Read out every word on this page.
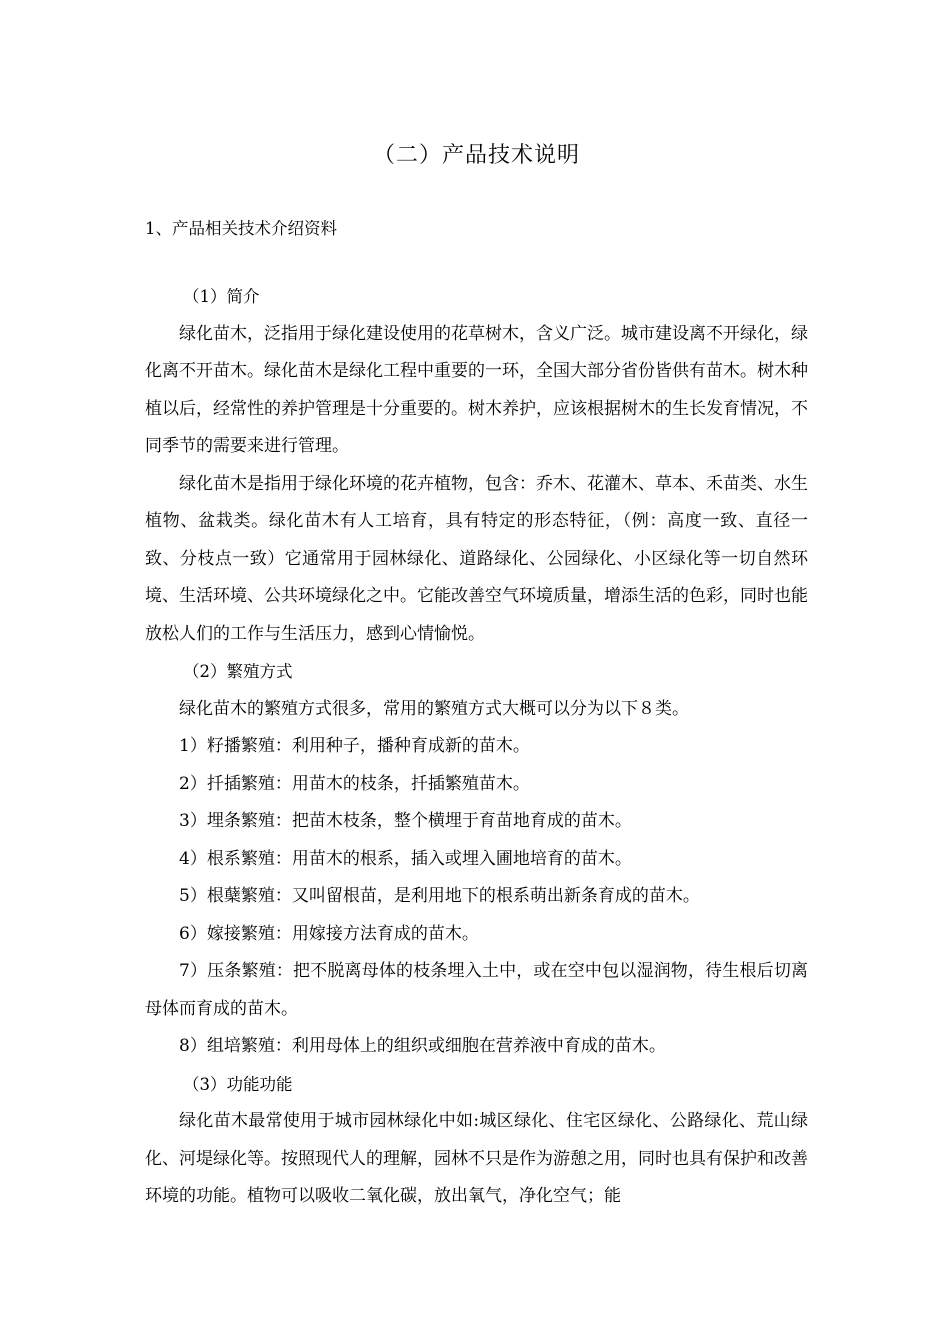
（二）产品技术说明
1、产品相关技术介绍资料
（1）简介

绿化苗木，泛指用于绿化建设使用的花草树木，含义广泛。城市建设离不开绿化，绿化离不开苗木。绿化苗木是绿化工程中重要的一环，全国大部分省份皆供有苗木。树木种植以后，经常性的养护管理是十分重要的。树木养护，应该根据树木的生长发育情况，不同季节的需要来进行管理。

绿化苗木是指用于绿化环境的花卉植物，包含：乔木、花灌木、草本、禾苗类、水生植物、盆栽类。绿化苗木有人工培育，具有特定的形态特征，（例：高度一致、直径一致、分枝点一致）它通常用于园林绿化、道路绿化、公园绿化、小区绿化等一切自然环境、生活环境、公共环境绿化之中。它能改善空气环境质量，增添生活的色彩，同时也能放松人们的工作与生活压力，感到心情愉悦。

（2）繁殖方式

绿化苗木的繁殖方式很多，常用的繁殖方式大概可以分为以下８类。

1）籽播繁殖：利用种子，播种育成新的苗木。

2）扦插繁殖：用苗木的枝条，扦插繁殖苗木。

3）埋条繁殖：把苗木枝条，整个横埋于育苗地育成的苗木。

4）根系繁殖：用苗木的根系，插入或埋入圃地培育的苗木。

5）根蘖繁殖：又叫留根苗，是利用地下的根系萌出新条育成的苗木。

6）嫁接繁殖：用嫁接方法育成的苗木。

7）压条繁殖：把不脱离母体的枝条埋入土中，或在空中包以湿润物，待生根后切离母体而育成的苗木。

8）组培繁殖：利用母体上的组织或细胞在营养液中育成的苗木。

（3）功能功能

绿化苗木最常使用于城市园林绿化中如:城区绿化、住宅区绿化、公路绿化、荒山绿化、河堤绿化等。按照现代人的理解，园林不只是作为游憩之用，同时也具有保护和改善环境的功能。植物可以吸收二氧化碳，放出氧气，净化空气；能
